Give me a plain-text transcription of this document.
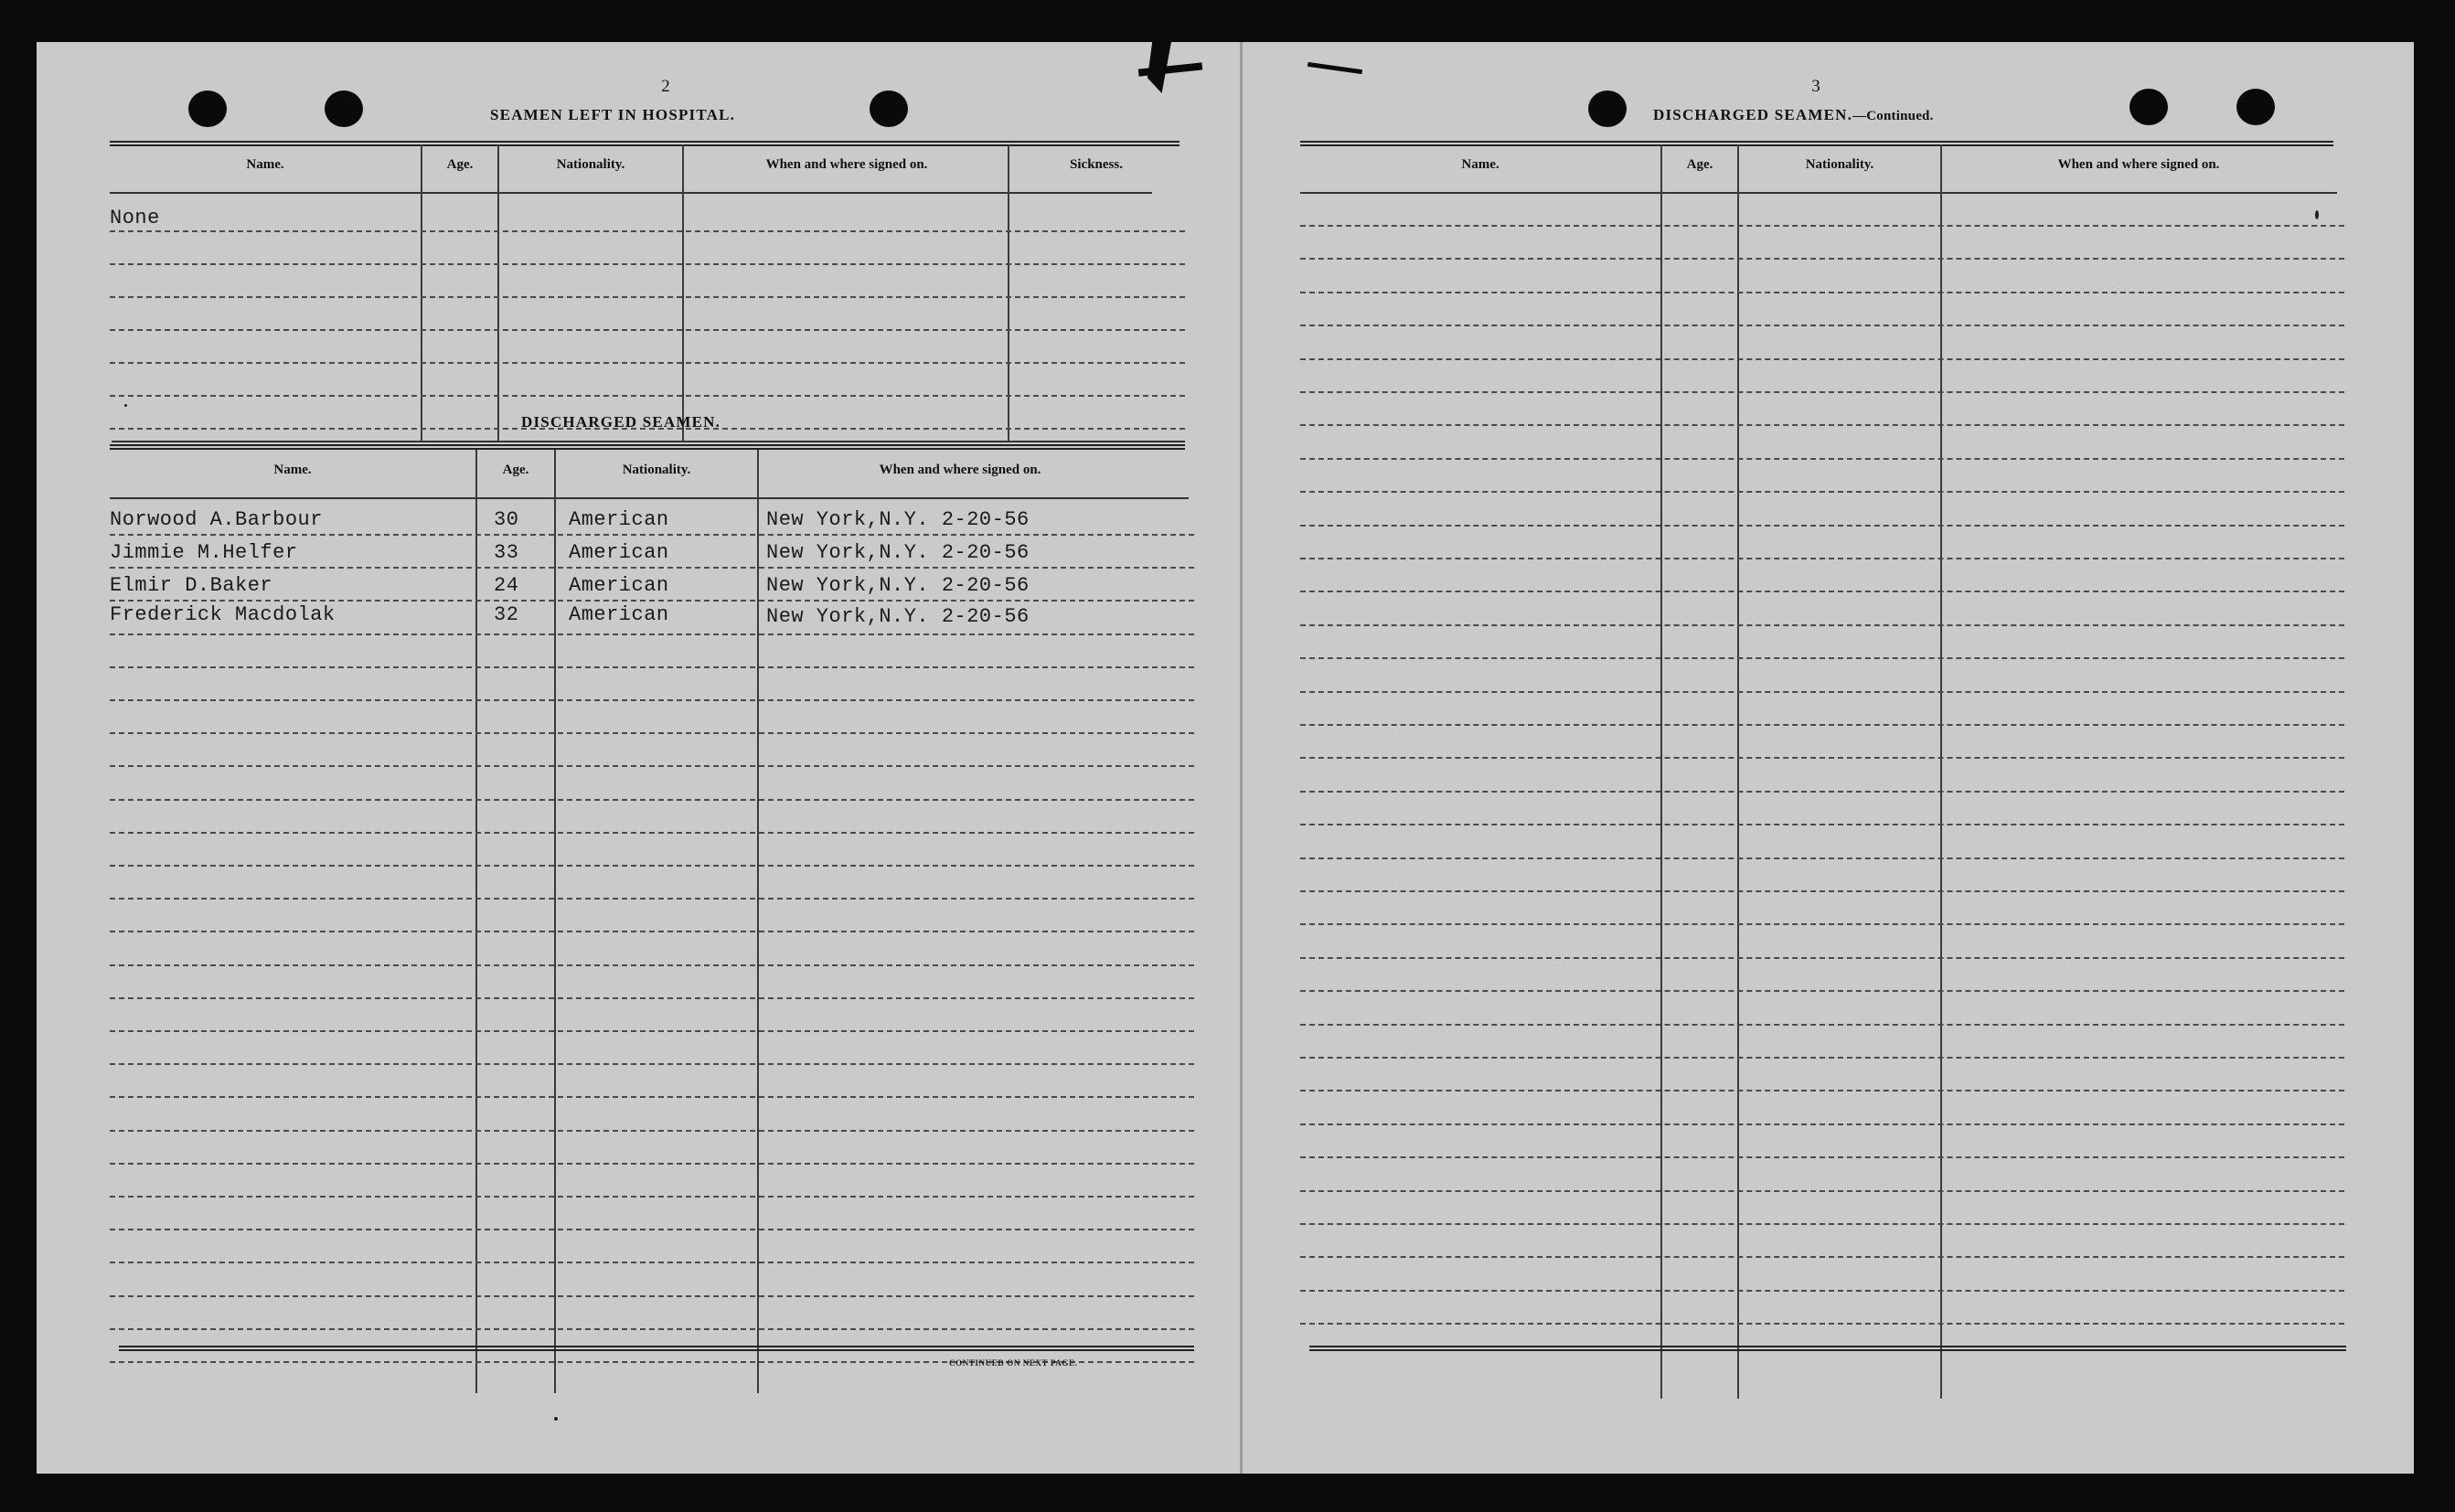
2
SEAMEN LEFT IN HOSPITAL.
Name.	Age.	Nationality.	When and where signed on.	Sickness.
None
DISCHARGED SEAMEN.
Name.	Age.	Nationality.	When and where signed on.
Norwood A.Barbour	30 American	New York,N.Y. 2-20-56
Jimmie M.Helfer	33 American	New York,N.Y. 2-20-56
Elmir D.Baker	24 American	New York,N.Y. 2-20-56
Frederick Macdolak	32 American	New York,N.Y. 2-20-56
CONTINUED ON NEXT PAGE.
3
DISCHARGED SEAMEN.—Continued.
Name.	Age.	Nationality.	When and where signed on.
